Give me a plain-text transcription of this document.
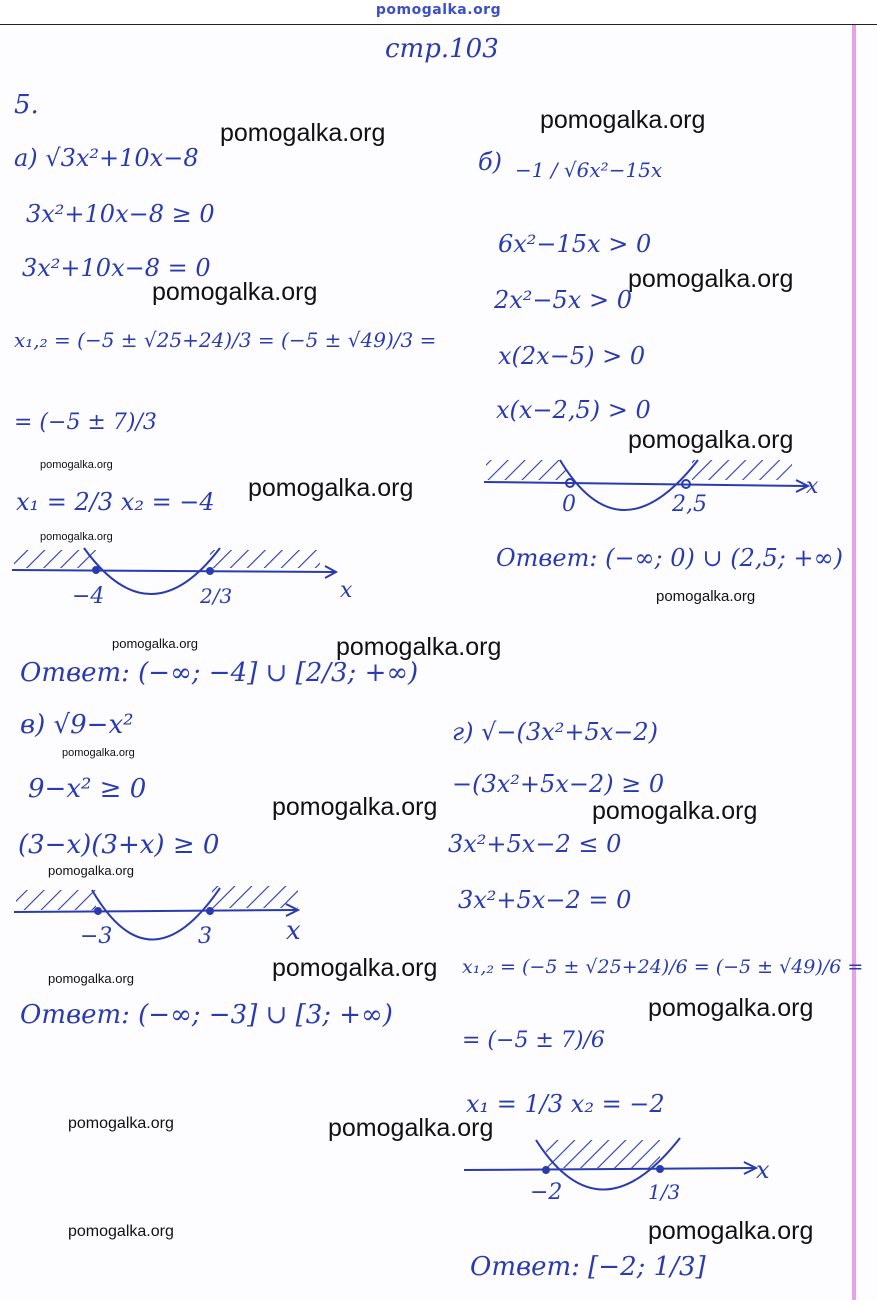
pomogalka.org
стр.103
5.
а) √3x²+10x−8
3x²+10x−8 ≥ 0
3x²+10x−8 = 0
x₁,₂ = (−5 ± √25+24)/3 = (−5 ± √49)/3 =
= (−5 ± 7)/3
x₁ = 2/3 x₂ = −4
−4	2/3	x
Ответ: (−∞; −4] ∪ [2/3; +∞)
б) −1 / √6x²−15x
6x²−15x > 0
2x²−5x > 0
x(2x−5) > 0
x(x−2,5) > 0
0	2,5
x
Ответ: (−∞; 0) ∪ (2,5; +∞)
в) √9−x²
9−x² ≥ 0
(3−x)(3+x) ≥ 0
−3	3	x
Ответ: (−∞; −3] ∪ [3; +∞)
г) √−(3x²+5x−2)
−(3x²+5x−2) ≥ 0
3x²+5x−2 ≤ 0
3x²+5x−2 = 0
x₁,₂ = (−5 ± √25+24)/6 = (−5 ± √49)/6 =
= (−5 ± 7)/6
x₁ = 1/3 x₂ = −2
−2	1/3
x
Ответ: [−2; 1/3]
pomogalka.org	pomogalka.org
pomogalka.org	pomogalka.org
pomogalka.org
pomogalka.org
pomogalka.org
pomogalka.org
pomogalka.org
pomogalka.org	pomogalka.org
pomogalka.org
pomogalka.org	pomogalka.org
pomogalka.org
pomogalka.org
pomogalka.org
pomogalka.org
pomogalka.org	pomogalka.org
pomogalka.org	pomogalka.org
